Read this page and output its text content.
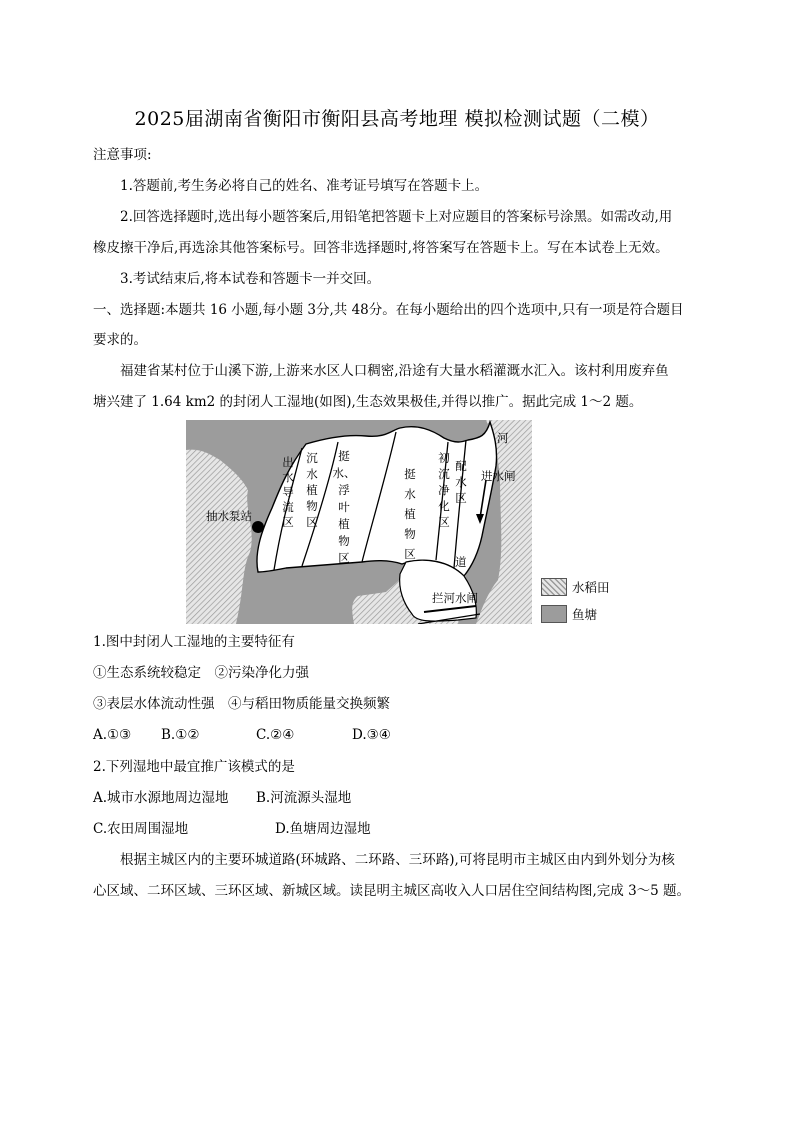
2025届湖南省衡阳市衡阳县高考地理 模拟检测试题（二模）
注意事项:
1.答题前,考生务必将自己的姓名、准考证号填写在答题卡上。
2.回答选择题时,选出每小题答案后,用铅笔把答题卡上对应题目的答案标号涂黑。如需改动,用
橡皮擦干净后,再选涂其他答案标号。回答非选择题时,将答案写在答题卡上。写在本试卷上无效。
3.考试结束后,将本试卷和答题卡一并交回。
一、选择题:本题共 16 小题,每小题 3分,共 48分。在每小题给出的四个选项中,只有一项是符合题目
要求的。
福建省某村位于山溪下游,上游来水区人口稠密,沿途有大量水稻灌溉水汇入。该村利用废弃鱼
塘兴建了 1.64 km2 的封闭人工湿地(如图),生态效果极佳,并得以推广。据此完成 1～2 题。
出
水
导
流
区
沉
水
植
物
区
挺
水、
浮
叶
植
物
区
挺
水
植
物
区
初
沉
净
化
区
配
水
区
河
进水闸
道
拦河水闸
抽水泵站
水稻田
鱼塘
1.图中封闭人工湿地的主要特征有
①生态系统较稳定　②污染净化力强
③表层水体流动性强　④与稻田物质能量交换频繁
A.①③ B.①②	C.②④	D.③④
2.下列湿地中最宜推广该模式的是
A.城市水源地周边湿地 B.河流源头湿地
C.农田周围湿地	D.鱼塘周边湿地
根据主城区内的主要环城道路(环城路、二环路、三环路),可将昆明市主城区由内到外划分为核
心区域、二环区域、三环区域、新城区域。读昆明主城区高收入人口居住空间结构图,完成 3～5 题。
